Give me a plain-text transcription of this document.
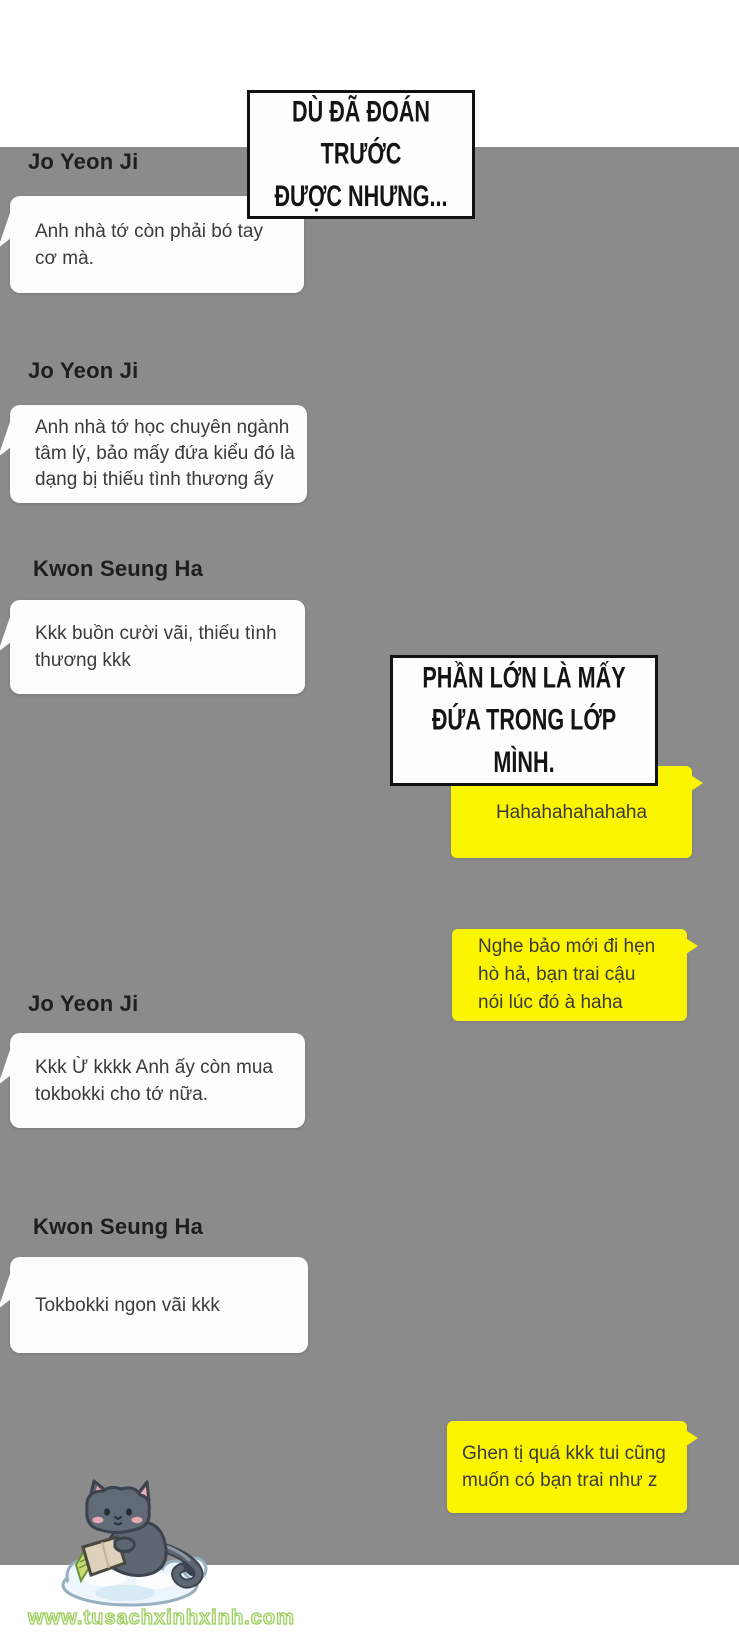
Jo Yeon Ji
Anh nhà tớ còn phải bó tay
cơ mà.
DÙ ĐÃ ĐOÁN TRƯỚC
ĐƯỢC NHƯNG...
Jo Yeon Ji
Anh nhà tớ học chuyên ngành
tâm lý, bảo mấy đứa kiểu đó là
dạng bị thiếu tình thương ấy
Kwon Seung Ha
Kkk buồn cười vãi, thiếu tình
thương kkk
Hahahahahahaha
PHẦN LỚN LÀ MẤY
ĐỨA TRONG LỚP MÌNH.
Nghe bảo mới đi hẹn
hò hả, bạn trai cậu
nói lúc đó à haha
Jo Yeon Ji
Kkk Ừ kkkk Anh ấy còn mua
tokbokki cho tớ nữa.
Kwon Seung Ha
Tokbokki ngon vãi kkk
Ghen tị quá kkk tui cũng
muốn có bạn trai như z
www.tusachxinhxinh.com
